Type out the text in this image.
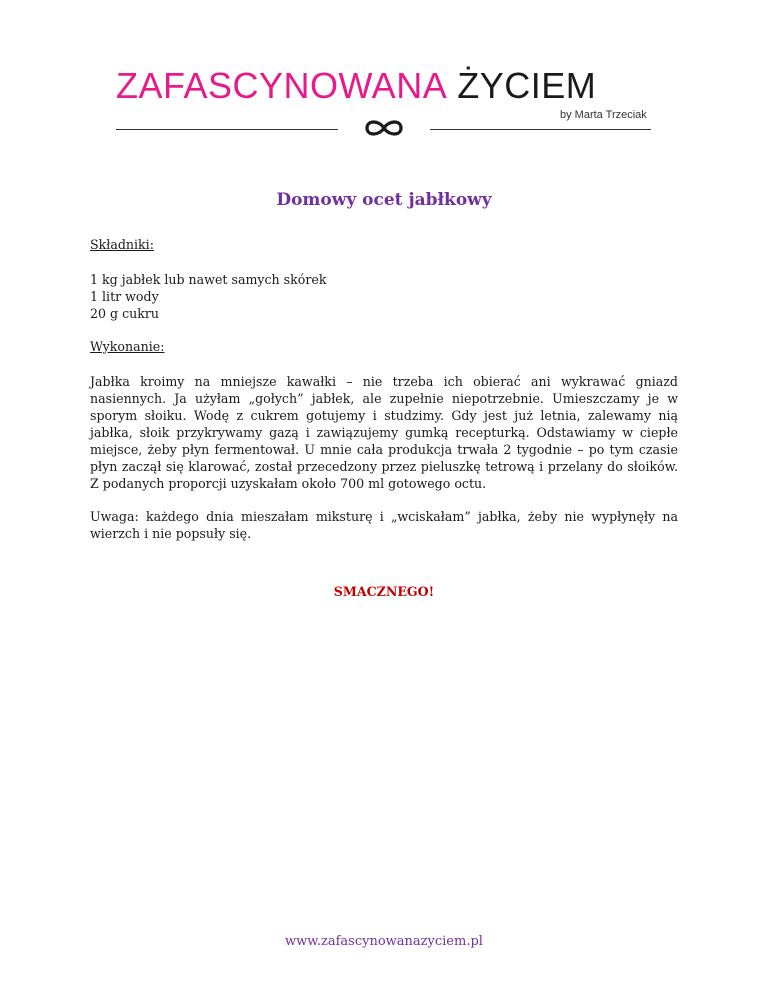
ZAFASCYNOWANA ŻYCIEM
by Marta Trzeciak
Domowy ocet jabłkowy
Składniki:

1 kg jabłek lub nawet samych skórek

1 litr wody

20 g cukru

Wykonanie:

Jabłka kroimy na mniejsze kawałki – nie trzeba ich obierać ani wykrawać gniazd nasiennych. Ja użyłam „gołych” jabłek, ale zupełnie niepotrzebnie. Umieszczamy je w sporym słoiku. Wodę z cukrem gotujemy i studzimy. Gdy jest już letnia, zalewamy nią jabłka, słoik przykrywamy gazą i zawiązujemy gumką recepturką. Odstawiamy w ciepłe miejsce, żeby płyn fermentował. U mnie cała produkcja trwała 2 tygodnie – po tym czasie płyn zaczął się klarować, został przecedzony przez pieluszkę tetrową i przelany do słoików. Z podanych proporcji uzyskałam około 700 ml gotowego octu.

Uwaga: każdego dnia mieszałam miksturę i „wciskałam” jabłka, żeby nie wypłynęły na wierzch i nie popsuły się.

SMACZNEGO!
www.zafascynowanazyciem.pl
